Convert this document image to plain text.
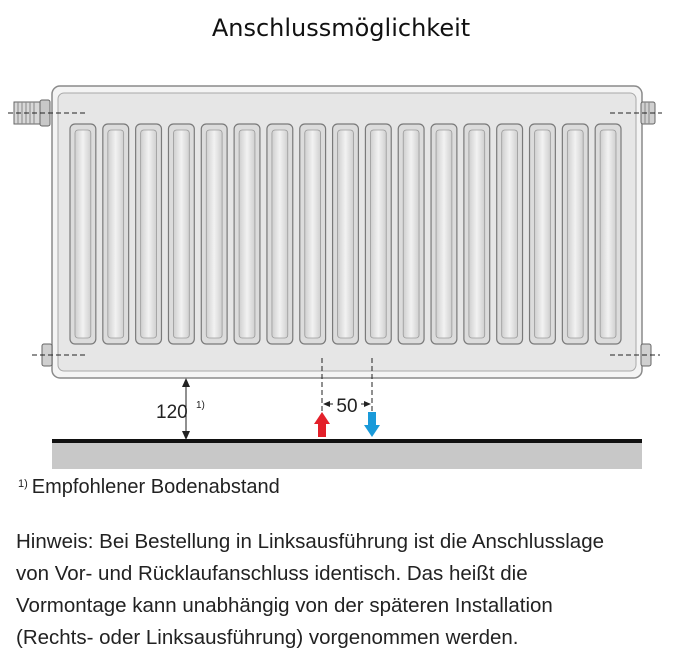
Anschlussmöglichkeit
50
120 1)
$^{1)}$ Empfohlener Bodenabstand
Hinweis: Bei Bestellung in Linksausführung ist die Anschlusslage
von Vor- und Rücklaufanschluss identisch. Das heißt die
Vormontage kann unabhängig von der späteren Installation
(Rechts- oder Linksausführung) vorgenommen werden.
